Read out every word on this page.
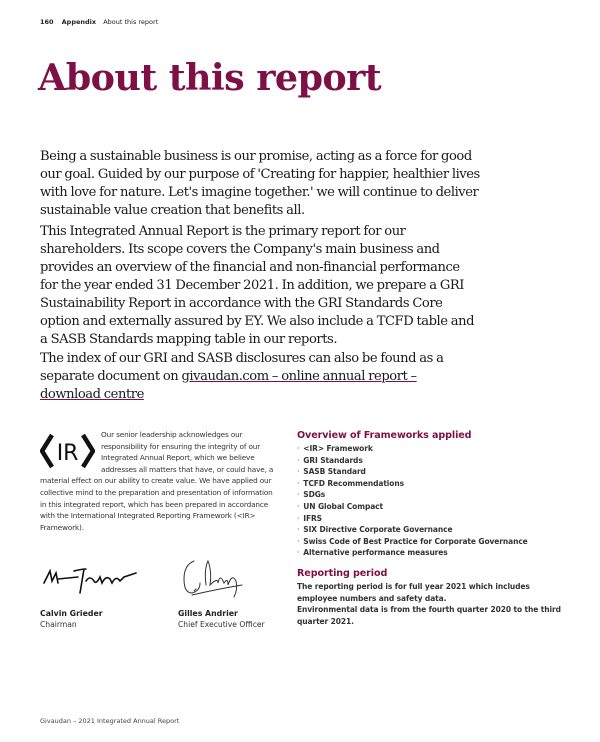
160 Appendix About this report
About this report

Being a sustainable business is our promise, acting as a force for good our goal. Guided by our purpose of 'Creating for happier, healthier lives with love for nature. Let's imagine together.' we will continue to deliver sustainable value creation that benefits all.

This Integrated Annual Report is the primary report for our shareholders. Its scope covers the Company's main business and provides an overview of the financial and non-financial performance for the year ended 31 December 2021. In addition, we prepare a GRI Sustainability Report in accordance with the GRI Standards Core option and externally assured by EY. We also include a TCFD table and a SASB Standards mapping table in our reports.

The index of our GRI and SASB disclosures can also be found as a separate document on givaudan.com – online annual report – download centre

IR
Our senior leadership acknowledges our responsibility for ensuring the integrity of our Integrated Annual Report, which we believe addresses all matters that have, or could have, a material effect on our ability to create value. We have applied our collective mind to the preparation and presentation of information in this integrated report, which has been prepared in accordance with the International Integrated Reporting Framework (<IR> Framework).
Calvin Grieder
Chairman
Gilles Andrier
Chief Executive Officer
Overview of Frameworks applied
· <IR> Framework
· GRI Standards
· SASB Standard
· TCFD Recommendations
· SDGs
· UN Global Compact
· IFRS
· SIX Directive Corporate Governance
· Swiss Code of Best Practice for Corporate Governance
· Alternative performance measures
Reporting period

The reporting period is for full year 2021 which includes employee numbers and safety data.

Environmental data is from the fourth quarter 2020 to the third quarter 2021.

Givaudan – 2021 Integrated Annual Report
